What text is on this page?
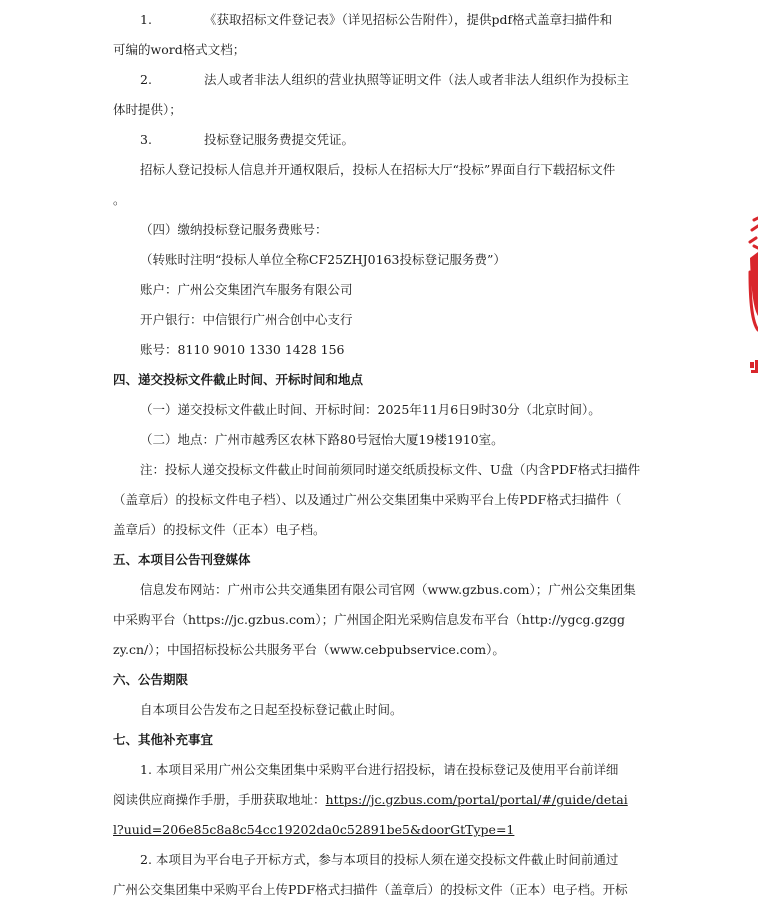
1.	《获取招标文件登记表》（详见招标公告附件），提供pdf格式盖章扫描件和
可编的word格式文档；
2.	法人或者非法人组织的营业执照等证明文件（法人或者非法人组织作为投标主
体时提供）；
3.	投标登记服务费提交凭证。
招标人登记投标人信息并开通权限后，投标人在招标大厅“投标”界面自行下载招标文件
。
（四）缴纳投标登记服务费账号：
（转账时注明“投标人单位全称CF25ZHJ0163投标登记服务费”）
账户：广州公交集团汽车服务有限公司
开户银行：中信银行广州合创中心支行
账号：8110 9010 1330 1428 156
四、递交投标文件截止时间、开标时间和地点
（一）递交投标文件截止时间、开标时间：2025年11月6日9时30分（北京时间）。
（二）地点：广州市越秀区农林下路80号冠怡大厦19楼1910室。
注：投标人递交投标文件截止时间前须同时递交纸质投标文件、U盘（内含PDF格式扫描件
（盖章后）的投标文件电子档）、以及通过广州公交集团集中采购平台上传PDF格式扫描件（
盖章后）的投标文件（正本）电子档。
五、本项目公告刊登媒体
信息发布网站：广州市公共交通集团有限公司官网（www.gzbus.com）；广州公交集团集
中采购平台（https://jc.gzbus.com）；广州国企阳光采购信息发布平台（http://ygcg.gzgg
zy.cn/）；中国招标投标公共服务平台（www.cebpubservice.com）。
六、公告期限
自本项目公告发布之日起至投标登记截止时间。
七、其他补充事宜
1. 本项目采用广州公交集团集中采购平台进行招投标，请在投标登记及使用平台前详细
阅读供应商操作手册，手册获取地址：https://jc.gzbus.com/portal/portal/#/guide/detai
l?uuid=206e85c8a8c54cc19202da0c52891be5&doorGtType=1
2. 本项目为平台电子开标方式，参与本项目的投标人须在递交投标文件截止时间前通过
广州公交集团集中采购平台上传PDF格式扫描件（盖章后）的投标文件（正本）电子档。开标
